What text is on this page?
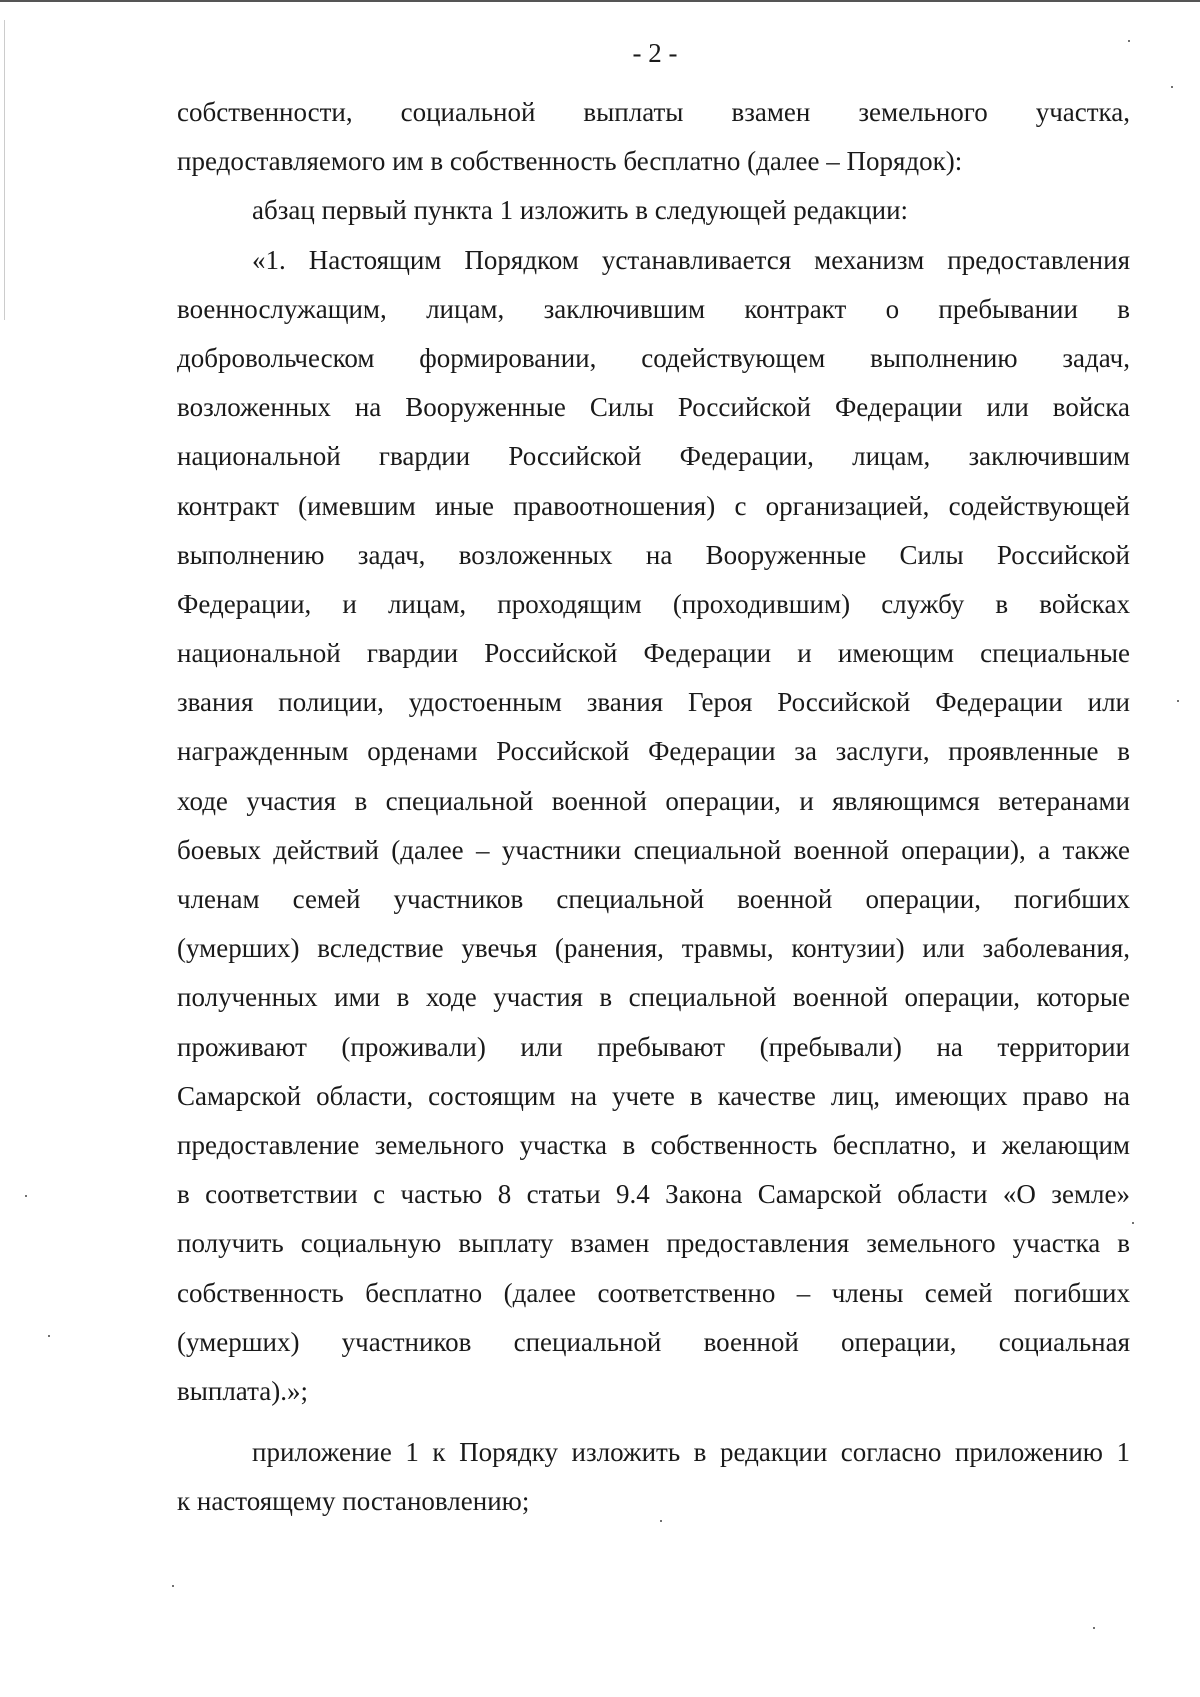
- 2 -
собственности, социальной выплаты взамен земельного участка,
предоставляемого им в собственность бесплатно (далее – Порядок):
абзац первый пункта 1 изложить в следующей редакции:
«1. Настоящим Порядком устанавливается механизм предоставления
военнослужащим, лицам, заключившим контракт о пребывании в
добровольческом формировании, содействующем выполнению задач,
возложенных на Вооруженные Силы Российской Федерации или войска
национальной гвардии Российской Федерации, лицам, заключившим
контракт (имевшим иные правоотношения) с организацией, содействующей
выполнению задач, возложенных на Вооруженные Силы Российской
Федерации, и лицам, проходящим (проходившим) службу в войсках
национальной гвардии Российской Федерации и имеющим специальные
звания полиции, удостоенным звания Героя Российской Федерации или
награжденным орденами Российской Федерации за заслуги, проявленные в
ходе участия в специальной военной операции, и являющимся ветеранами
боевых действий (далее – участники специальной военной операции), а также
членам семей участников специальной военной операции, погибших
(умерших) вследствие увечья (ранения, травмы, контузии) или заболевания,
полученных ими в ходе участия в специальной военной операции, которые
проживают (проживали) или пребывают (пребывали) на территории
Самарской области, состоящим на учете в качестве лиц, имеющих право на
предоставление земельного участка в собственность бесплатно, и желающим
в соответствии с частью 8 статьи 9.4 Закона Самарской области «О земле»
получить социальную выплату взамен предоставления земельного участка в
собственность бесплатно (далее соответственно – члены семей погибших
(умерших) участников специальной военной операции, социальная
выплата).»;
приложение 1 к Порядку изложить в редакции согласно приложению 1
к настоящему постановлению;
